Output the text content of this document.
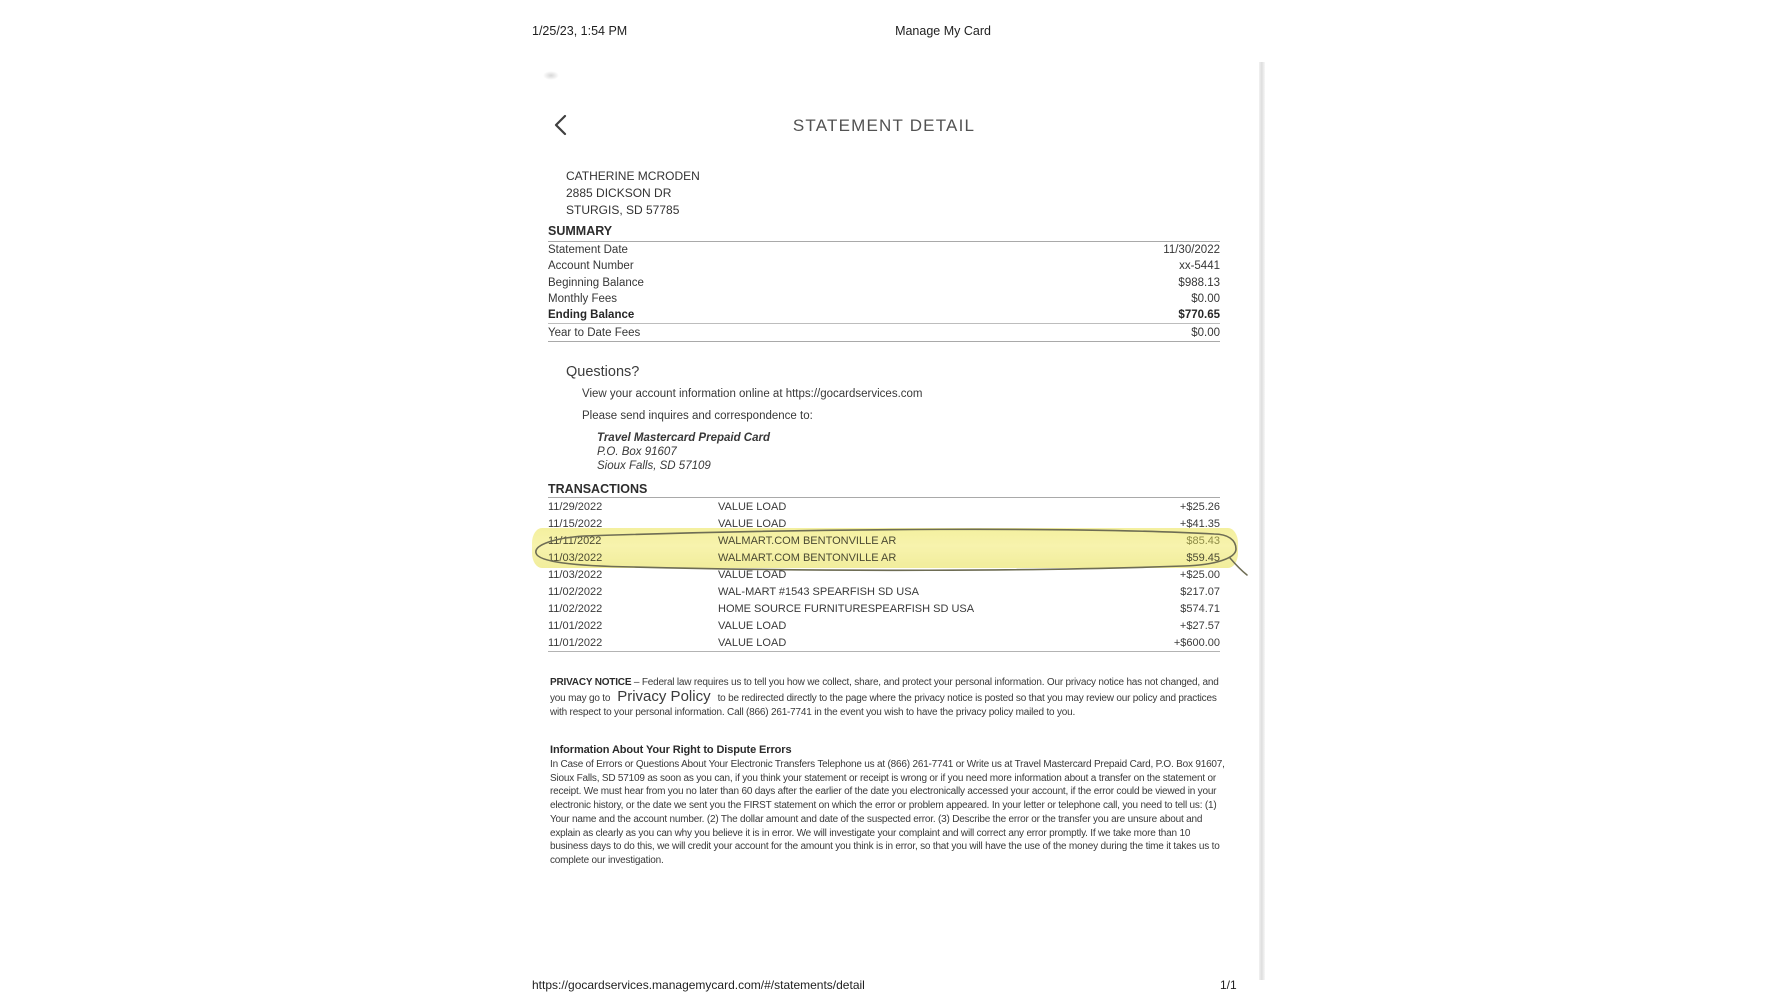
1/25/23, 1:54 PM	Manage My Card
STATEMENT DETAIL
CATHERINE MCRODEN
2885 DICKSON DR
STURGIS, SD 57785
SUMMARY
Statement Date	11/30/2022
Account Number	xx-5441
Beginning Balance	$988.13
Monthly Fees	$0.00
Ending Balance	$770.65
Year to Date Fees	$0.00
Questions?
View your account information online at https://gocardservices.com
Please send inquires and correspondence to:
Travel Mastercard Prepaid Card
P.O. Box 91607
Sioux Falls, SD 57109
TRANSACTIONS
11/29/2022	VALUE LOAD	+$25.26
11/15/2022	VALUE LOAD	+$41.35
11/11/2022	WALMART.COM BENTONVILLE AR	$85.43
11/03/2022	WALMART.COM BENTONVILLE AR	$59.45
11/03/2022	VALUE LOAD	+$25.00
11/02/2022	WAL-MART #1543 SPEARFISH SD USA	$217.07
11/02/2022	HOME SOURCE FURNITURESPEARFISH SD USA	$574.71
11/01/2022	VALUE LOAD	+$27.57
11/01/2022	VALUE LOAD	+$600.00
PRIVACY NOTICE – Federal law requires us to tell you how we collect, share, and protect your personal information. Our privacy notice has not changed, and you may go to Privacy Policy to be redirected directly to the page where the privacy notice is posted so that you may review our policy and practices with respect to your personal information. Call (866) 261-7741 in the event you wish to have the privacy policy mailed to you.
Information About Your Right to Dispute Errors
In Case of Errors or Questions About Your Electronic Transfers Telephone us at (866) 261-7741 or Write us at Travel Mastercard Prepaid Card, P.O. Box 91607, Sioux Falls, SD 57109 as soon as you can, if you think your statement or receipt is wrong or if you need more information about a transfer on the statement or receipt. We must hear from you no later than 60 days after the earlier of the date you electronically accessed your account, if the error could be viewed in your electronic history, or the date we sent you the FIRST statement on which the error or problem appeared. In your letter or telephone call, you need to tell us: (1) Your name and the account number. (2) The dollar amount and date of the suspected error. (3) Describe the error or the transfer you are unsure about and explain as clearly as you can why you believe it is in error. We will investigate your complaint and will correct any error promptly. If we take more than 10 business days to do this, we will credit your account for the amount you think is in error, so that you will have the use of the money during the time it takes us to complete our investigation.
https://gocardservices.managemycard.com/#/statements/detail	1/1
